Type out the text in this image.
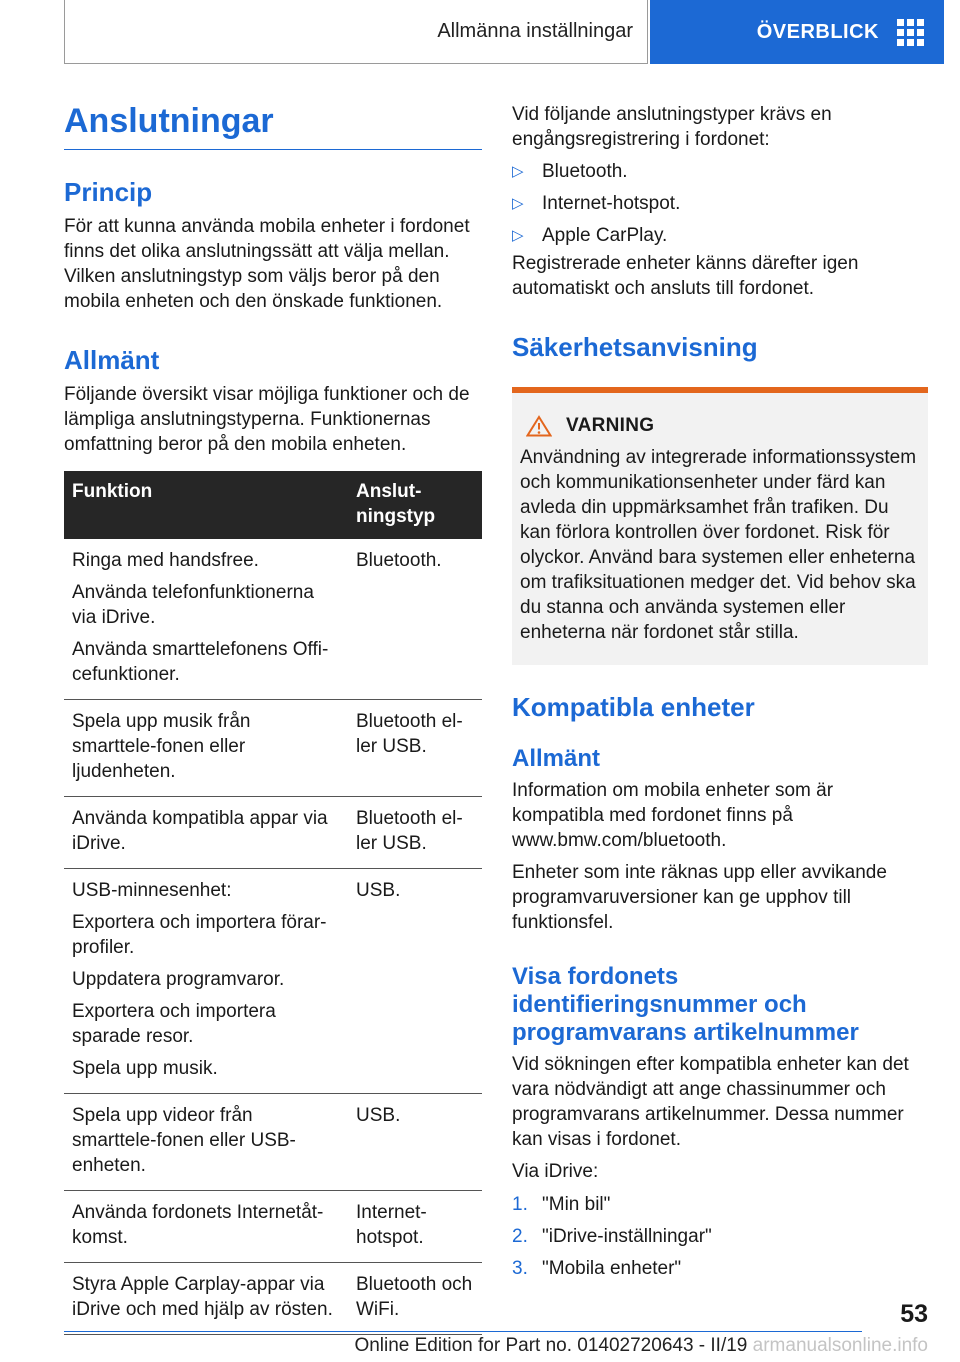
Allmänna inställningar	ÖVERBLICK
Anslutningar
Princip

För att kunna använda mobila enheter i fordonet finns det olika anslutningssätt att välja mellan. Vilken anslutningstyp som väljs beror på den mobila enheten och den önskade funktionen.

Allmänt

Följande översikt visar möjliga funktioner och de lämpliga anslutningstyperna. Funktionernas omfattning beror på den mobila enheten.

Funktion	Anslut-ningstyp

Ringa med handsfree.
Använda telefonfunktionerna via iDrive.
Använda smarttelefonens Offi-cefunktioner.	Bluetooth.

Spela upp musik från smarttele-fonen eller ljudenheten.	Bluetooth el-ler USB.

Använda kompatibla appar via iDrive.	Bluetooth el-ler USB.

USB-minnesenhet:
Exportera och importera förar-profiler.
Uppdatera programvaror.
Exportera och importera sparade resor.
Spela upp musik.	USB.

Spela upp videor från smarttele-fonen eller USB-enheten.	USB.

Använda fordonets Internetåt-komst.	Internet-hotspot.

Styra Apple Carplay-appar via iDrive och med hjälp av rösten.	Bluetooth och WiFi.

Vid följande anslutningstyper krävs en engångsregistrering i fordonet:

▷ Bluetooth.
▷ Internet-hotspot.
▷ Apple CarPlay.

Registrerade enheter känns därefter igen automatiskt och ansluts till fordonet.

Säkerhetsanvisning
VARNING

Användning av integrerade informationssystem och kommunikationsenheter under färd kan avleda din uppmärksamhet från trafiken. Du kan förlora kontrollen över fordonet. Risk för olyckor. Använd bara systemen eller enheterna om trafiksituationen medger det. Vid behov ska du stanna och använda systemen eller enheterna när fordonet står stilla.

Kompatibla enheter
Allmänt

Information om mobila enheter som är kompatibla med fordonet finns på www.bmw.com/bluetooth.

Enheter som inte räknas upp eller avvikande programvaruversioner kan ge upphov till funktionsfel.

Visa fordonets identifieringsnummer och programvarans artikelnummer

Vid sökningen efter kompatibla enheter kan det vara nödvändigt att ange chassinummer och programvarans artikelnummer. Dessa nummer kan visas i fordonet.

Via iDrive:

1. "Min bil"
2. "iDrive-inställningar"
3. "Mobila enheter"
53
Online Edition for Part no. 01402720643 - II/19 armanualsonline.info
